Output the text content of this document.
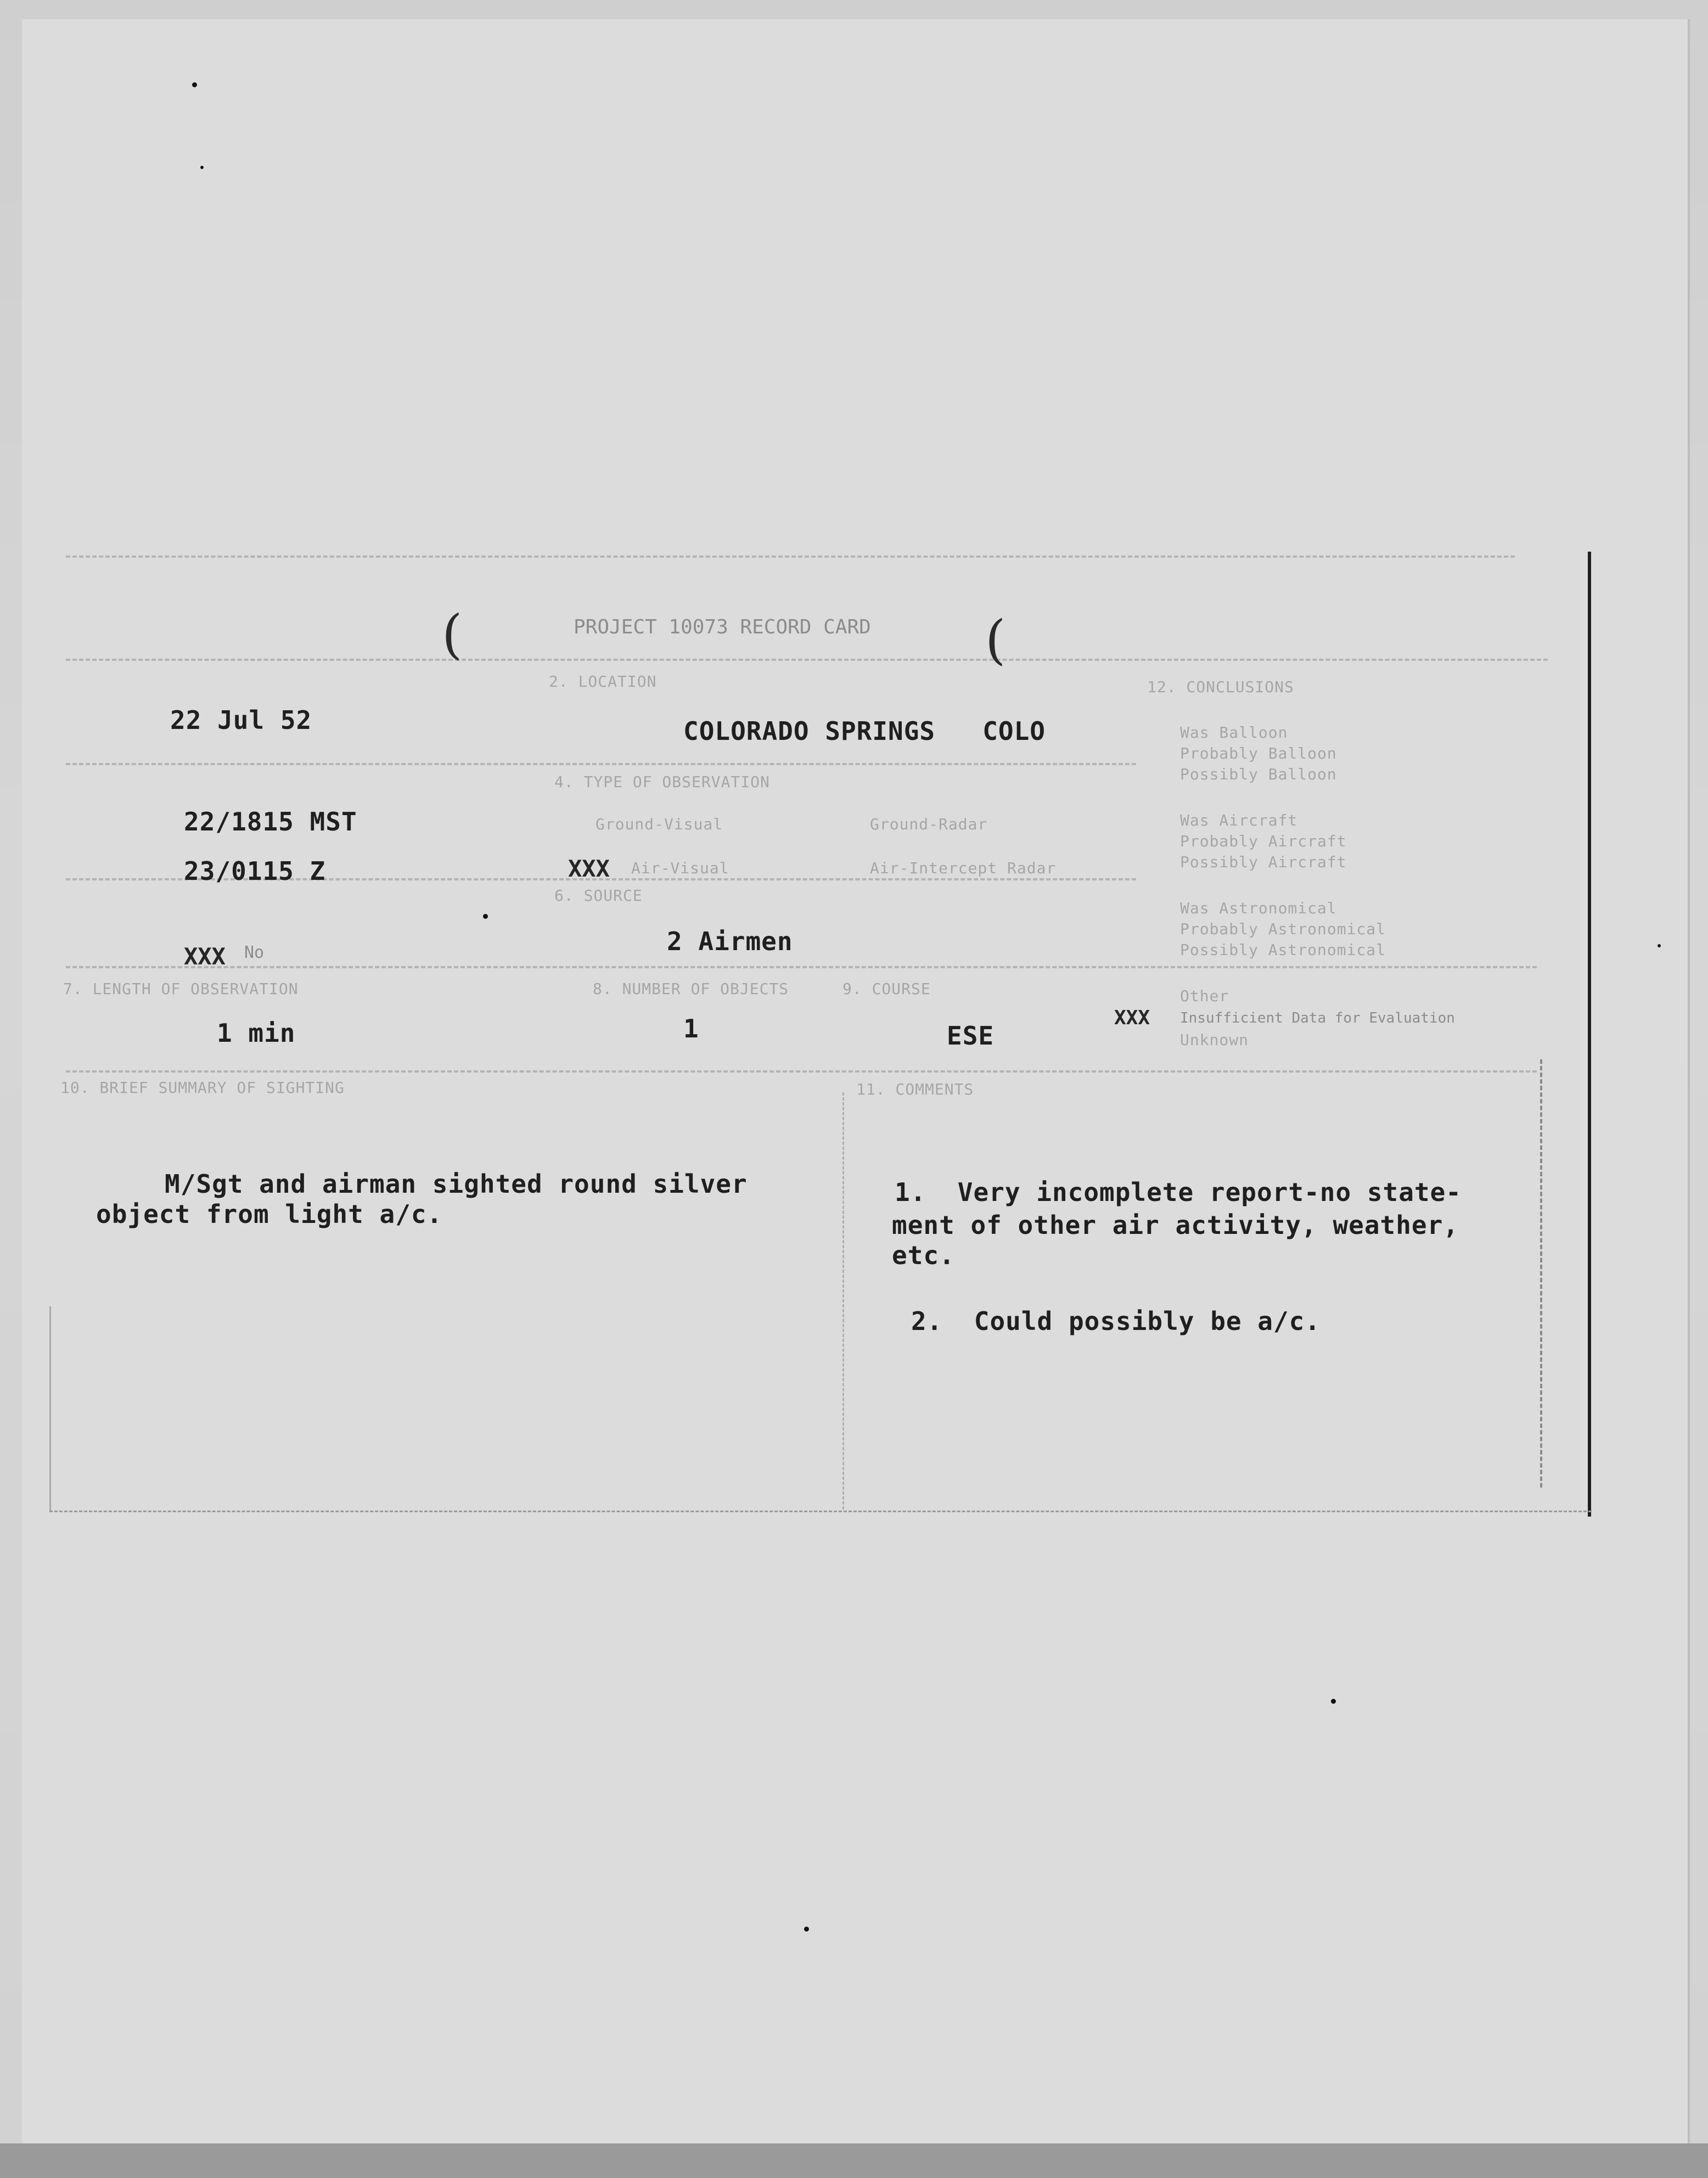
(	(
PROJECT 10073 RECORD CARD
22 Jul 52
2. LOCATION
COLORADO SPRINGS   COLO
22/1815 MST
23/0115 Z
4. TYPE OF OBSERVATION
Ground-Visual	Ground-Radar
XXX Air-Visual	Air-Intercept Radar
6. SOURCE
XXX No	2 Airmen
7. LENGTH OF OBSERVATION	8. NUMBER OF OBJECTS	9. COURSE
1 min	1	ESE
10. BRIEF SUMMARY OF SIGHTING	11. COMMENTS
M/Sgt and airman sighted round silver
object from light a/c.
1.  Very incomplete report-no state-
ment of other air activity, weather,
etc.
2.  Could possibly be a/c.
12. CONCLUSIONS
Was Balloon
Probably Balloon
Possibly Balloon
Was Aircraft
Probably Aircraft
Possibly Aircraft
Was Astronomical
Probably Astronomical
Possibly Astronomical
Other
XXX Insufficient Data for Evaluation
Unknown
